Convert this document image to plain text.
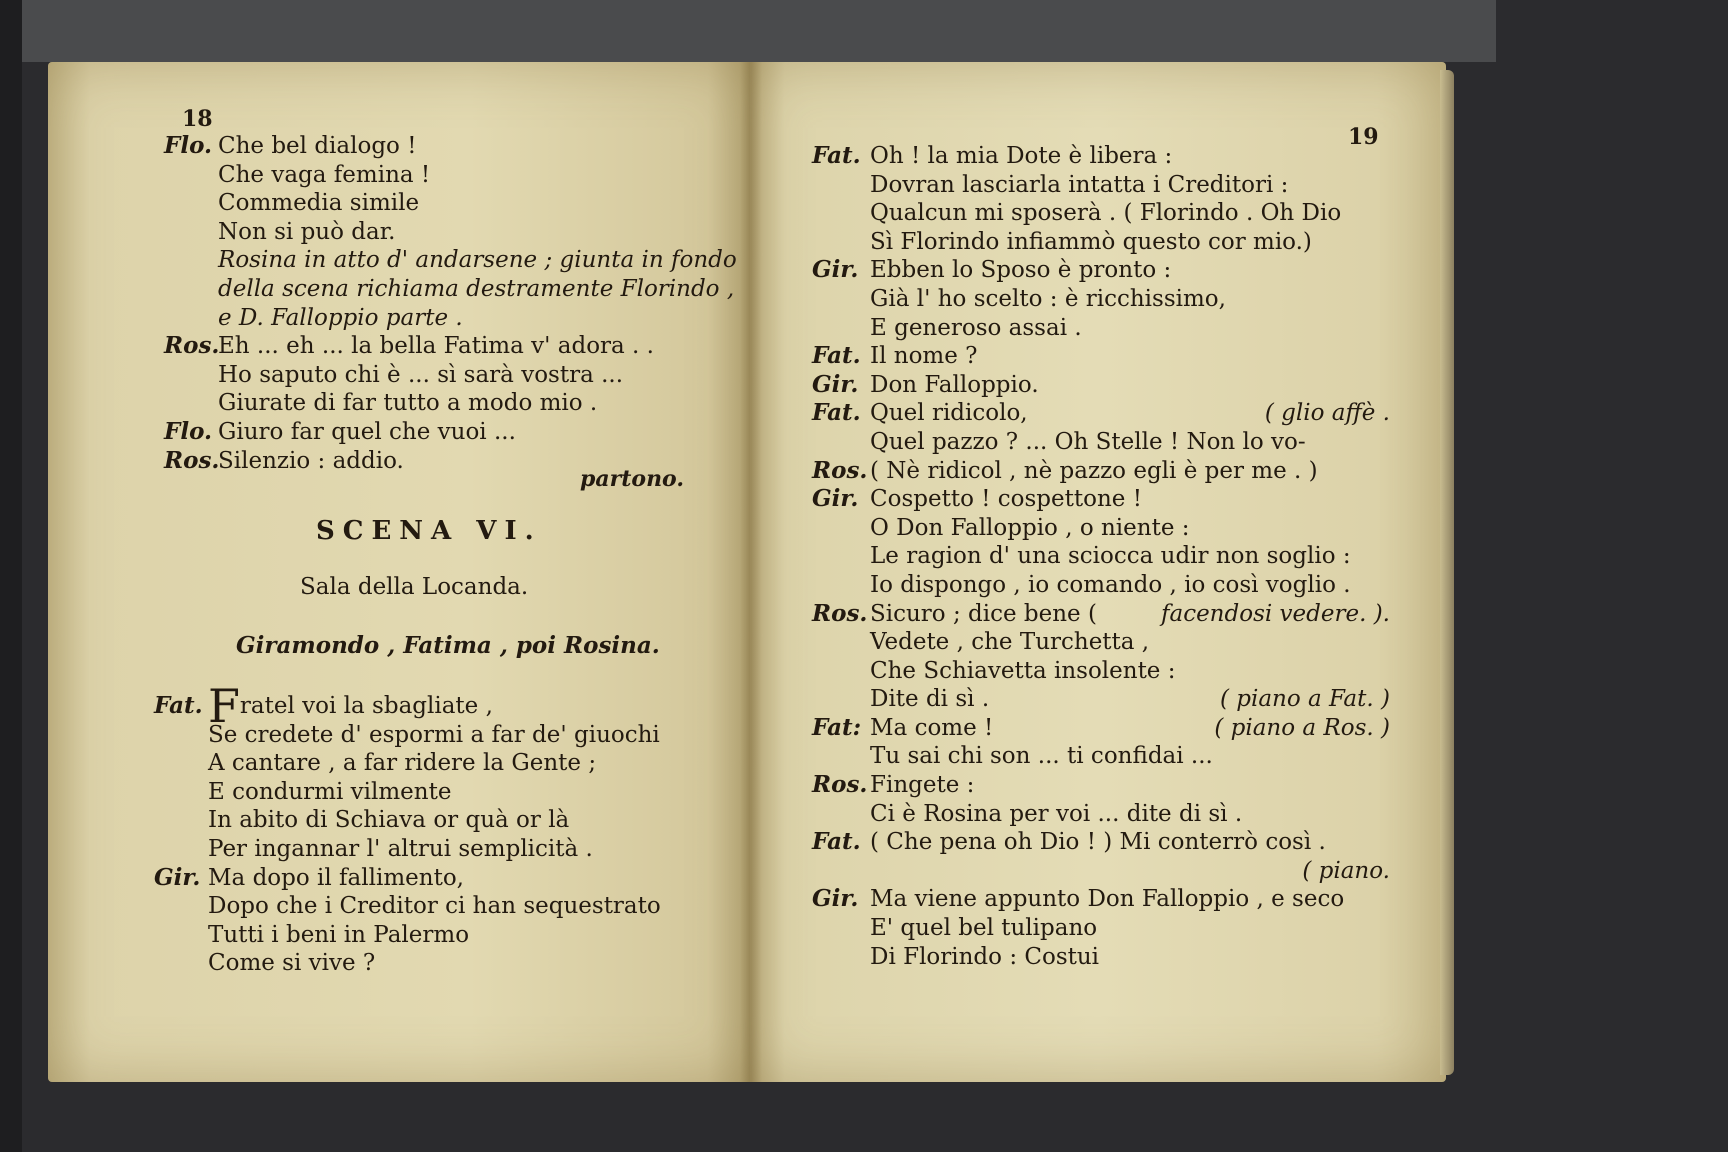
18
Flo. Che bel dialogo !
Che vaga femina !
Commedia simile
Non si può dar.
Rosina in atto d' andarsene ; giunta in fondo
della scena richiama destramente Florindo ,
e D. Falloppio parte .
Ros.Eh ... eh ... la bella Fatima v' adora . .
Ho saputo chi è ... sì sarà vostra ...
Giurate di far tutto a modo mio .
Flo. Giuro far quel che vuoi ...
Ros.Silenzio : addio.
partono.
SCENA VI.
Sala della Locanda.
Giramondo , Fatima , poi Rosina.
Fat. Fratel voi la sbagliate ,
Se credete d' espormi a far de' giuochi
A cantare , a far ridere la Gente ;
E condurmi vilmente
In abito di Schiava or quà or là
Per ingannar l' altrui semplicità .
Gir. Ma dopo il fallimento,
Dopo che i Creditor ci han sequestrato
Tutti i beni in Palermo
Come si vive ?
19
Fat. Oh ! la mia Dote è libera :
Dovran lasciarla intatta i Creditori :
Qualcun mi sposerà . ( Florindo . Oh Dio
Sì Florindo infiammò questo cor mio.)
Gir. Ebben lo Sposo è pronto :
Già l' ho scelto : è ricchissimo,
E generoso assai .
Fat. Il nome ?
Gir. Don Falloppio.
Fat. Quel ridicolo,	( glio affè .
Quel pazzo ? ... Oh Stelle ! Non lo vo-
Ros. ( Nè ridicol , nè pazzo egli è per me . )
Gir. Cospetto ! cospettone !
O Don Falloppio , o niente :
Le ragion d' una sciocca udir non soglio :
Io dispongo , io comando , io così voglio .
Ros. Sicuro ; dice bene (	facendosi vedere. ).
Vedete , che Turchetta ,
Che Schiavetta insolente :
Dite di sì .	( piano a Fat. )
Fat: Ma come !	( piano a Ros. )
Tu sai chi son ... ti confidai ...
Ros. Fingete :
Ci è Rosina per voi ... dite di sì .
Fat. ( Che pena oh Dio ! ) Mi conterrò così .
( piano.
Gir. Ma viene appunto Don Falloppio , e seco
E' quel bel tulipano
Di Florindo : Costui
